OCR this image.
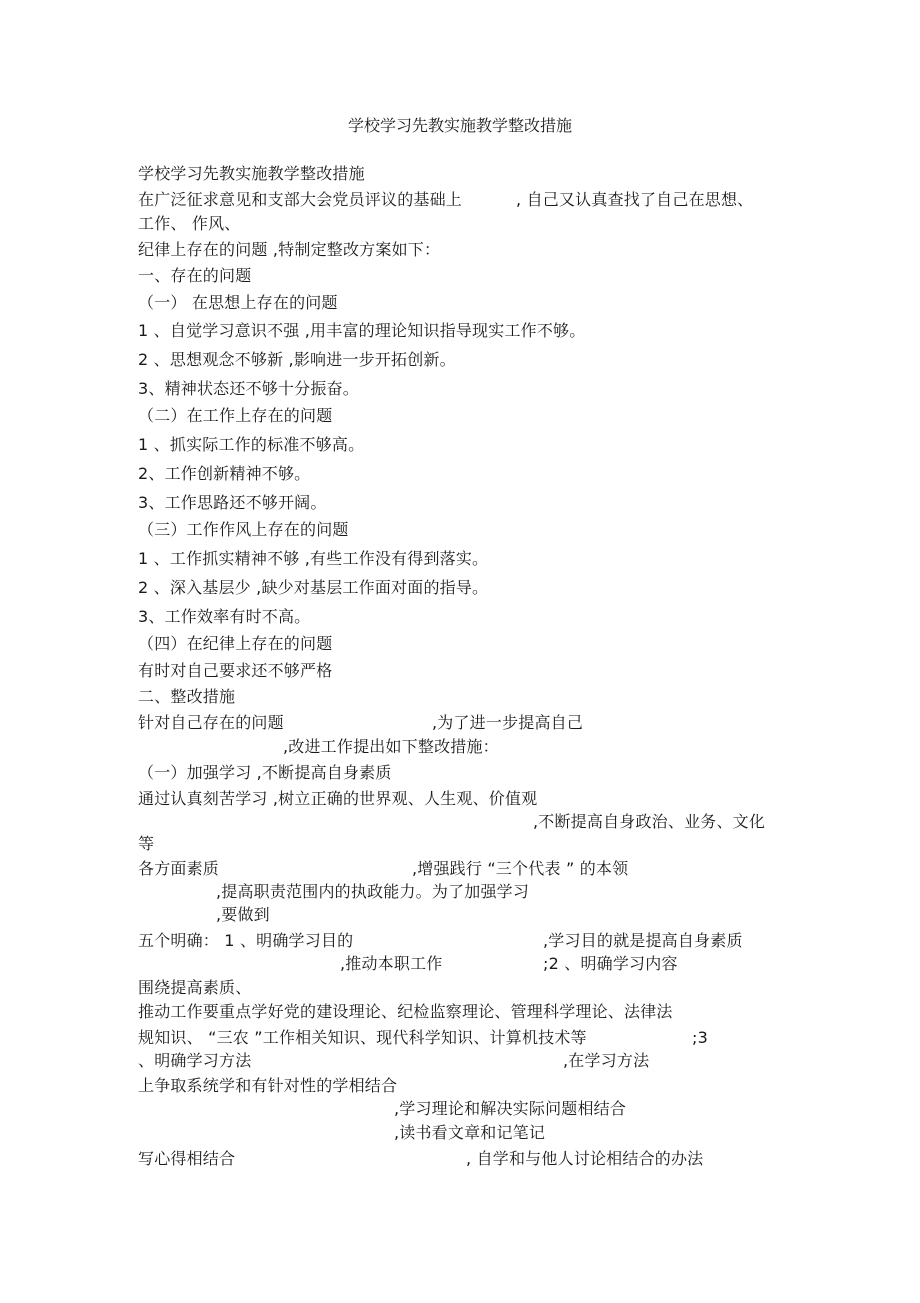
学校学习先教实施教学整改措施
学校学习先教实施教学整改措施
在广泛征求意见和支部大会党员评议的基础上	, 自己又认真查找了自己在思想、
工作、 作风、
纪律上存在的问题 ,特制定整改方案如下：
一、存在的问题
（一） 在思想上存在的问题
1 、自觉学习意识不强 ,用丰富的理论知识指导现实工作不够。
2 、思想观念不够新 ,影响进一步开拓创新。
3、精神状态还不够十分振奋。
（二）在工作上存在的问题
1 、抓实际工作的标准不够高。
2、工作创新精神不够。
3、工作思路还不够开阔。
（三）工作作风上存在的问题
1 、工作抓实精神不够 ,有些工作没有得到落实。
2 、深入基层少 ,缺少对基层工作面对面的指导。
3、工作效率有时不高。
（四）在纪律上存在的问题
有时对自己要求还不够严格
二、整改措施
针对自己存在的问题	,为了进一步提高自己
,改进工作提出如下整改措施：
（一）加强学习 ,不断提高自身素质
通过认真刻苦学习 ,树立正确的世界观、人生观、价值观
,不断提高自身政治、业务、文化
等
各方面素质	,增强践行 “三个代表 ” 的本领
,提高职责范围内的执政能力。为了加强学习
,要做到
五个明确： 1 、明确学习目的	,学习目的就是提高自身素质
,推动本职工作	;2 、明确学习内容
围绕提高素质、
推动工作要重点学好党的建设理论、纪检监察理论、管理科学理论、法律法
规知识、 “三农 ”工作相关知识、现代科学知识、计算机技术等	;3
、明确学习方法	,在学习方法
上争取系统学和有针对性的学相结合
,学习理论和解决实际问题相结合
,读书看文章和记笔记
写心得相结合	, 自学和与他人讨论相结合的办法
